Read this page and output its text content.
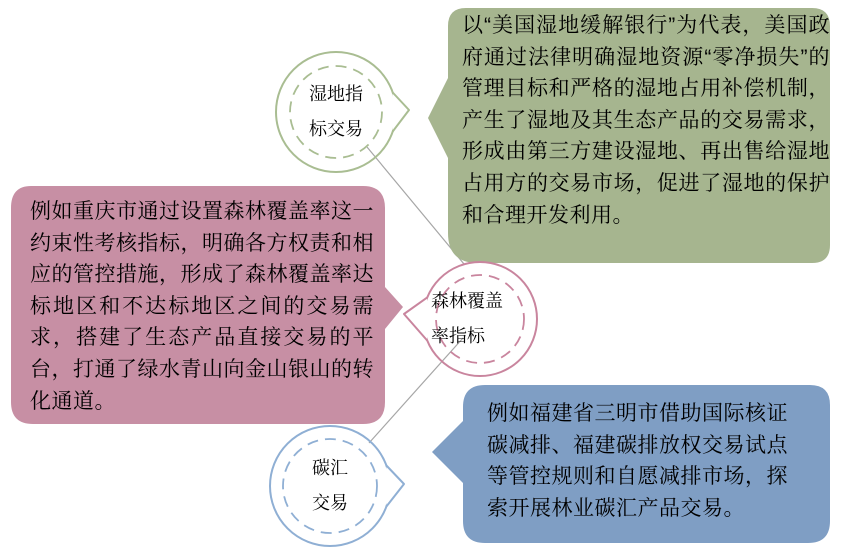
以“美国湿地缓解银行”为代表，美国政府通过法律明确湿地资源“零净损失”的管理目标和严格的湿地占用补偿机制，产生了湿地及其生态产品的交易需求，形成由第三方建设湿地、再出售给湿地占用方的交易市场，促进了湿地的保护和合理开发利用。
例如重庆市通过设置森林覆盖率这一约束性考核指标，明确各方权责和相应的管控措施，形成了森林覆盖率达标地区和不达标地区之间的交易需求，搭建了生态产品直接交易的平台，打通了绿水青山向金山银山的转化通道。
例如福建省三明市借助国际核证碳减排、福建碳排放权交易试点等管控规则和自愿减排市场，探索开展林业碳汇产品交易。
湿地指
标交易
森林覆盖
率指标
碳汇
交易
